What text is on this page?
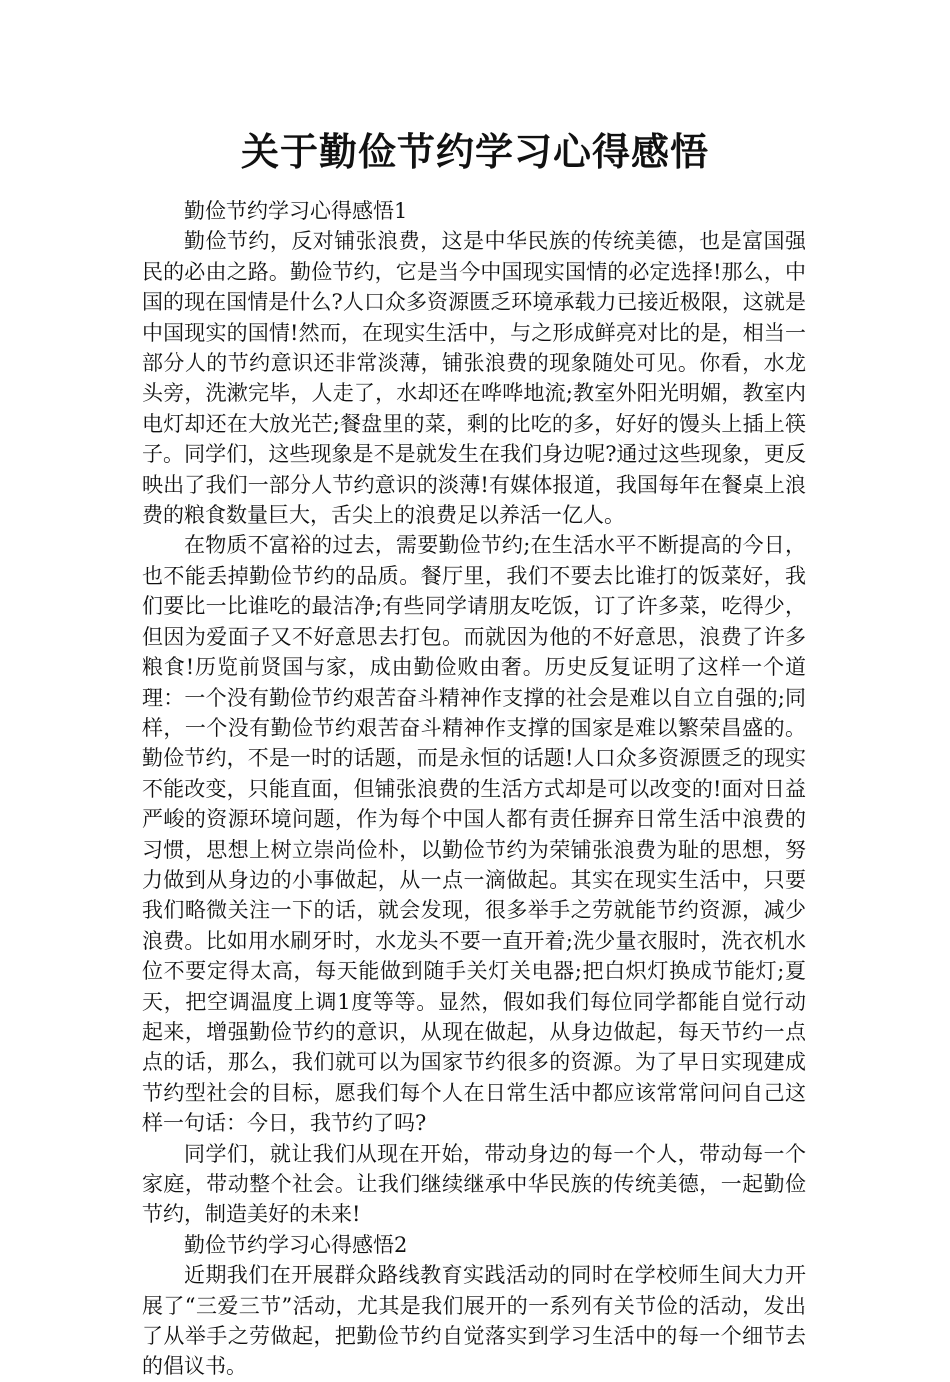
关于勤俭节约学习心得感悟

勤俭节约学习心得感悟1

勤俭节约，反对铺张浪费，这是中华民族的传统美德，也是富国强民的必由之路。勤俭节约，它是当今中国现实国情的必定选择!那么，中国的现在国情是什么?人口众多资源匮乏环境承载力已接近极限，这就是中国现实的国情!然而，在现实生活中，与之形成鲜亮对比的是，相当一部分人的节约意识还非常淡薄，铺张浪费的现象随处可见。你看，水龙头旁，洗漱完毕，人走了，水却还在哗哗地流;教室外阳光明媚，教室内电灯却还在大放光芒;餐盘里的菜，剩的比吃的多，好好的馒头上插上筷子。同学们，这些现象是不是就发生在我们身边呢?通过这些现象，更反映出了我们一部分人节约意识的淡薄!有媒体报道，我国每年在餐桌上浪费的粮食数量巨大，舌尖上的浪费足以养活一亿人。

在物质不富裕的过去，需要勤俭节约;在生活水平不断提高的今日，也不能丢掉勤俭节约的品质。餐厅里，我们不要去比谁打的饭菜好，我们要比一比谁吃的最洁净;有些同学请朋友吃饭，订了许多菜，吃得少，但因为爱面子又不好意思去打包。而就因为他的不好意思，浪费了许多粮食!历览前贤国与家，成由勤俭败由奢。历史反复证明了这样一个道理：一个没有勤俭节约艰苦奋斗精神作支撑的社会是难以自立自强的;同样，一个没有勤俭节约艰苦奋斗精神作支撑的国家是难以繁荣昌盛的。勤俭节约，不是一时的话题，而是永恒的话题!人口众多资源匮乏的现实不能改变，只能直面，但铺张浪费的生活方式却是可以改变的!面对日益严峻的资源环境问题，作为每个中国人都有责任摒弃日常生活中浪费的习惯，思想上树立崇尚俭朴，以勤俭节约为荣铺张浪费为耻的思想，努力做到从身边的小事做起，从一点一滴做起。其实在现实生活中，只要我们略微关注一下的话，就会发现，很多举手之劳就能节约资源，减少浪费。比如用水刷牙时，水龙头不要一直开着;洗少量衣服时，洗衣机水位不要定得太高，每天能做到随手关灯关电器;把白炽灯换成节能灯;夏天，把空调温度上调1度等等。显然，假如我们每位同学都能自觉行动起来，增强勤俭节约的意识，从现在做起，从身边做起，每天节约一点点的话，那么，我们就可以为国家节约很多的资源。为了早日实现建成节约型社会的目标，愿我们每个人在日常生活中都应该常常问问自己这样一句话：今日，我节约了吗?

同学们，就让我们从现在开始，带动身边的每一个人，带动每一个家庭，带动整个社会。让我们继续继承中华民族的传统美德，一起勤俭节约，制造美好的未来!

勤俭节约学习心得感悟2

近期我们在开展群众路线教育实践活动的同时在学校师生间大力开展了“三爱三节”活动，尤其是我们展开的一系列有关节俭的活动，发出了从举手之劳做起，把勤俭节约自觉落实到学习生活中的每一个细节去的倡议书。
